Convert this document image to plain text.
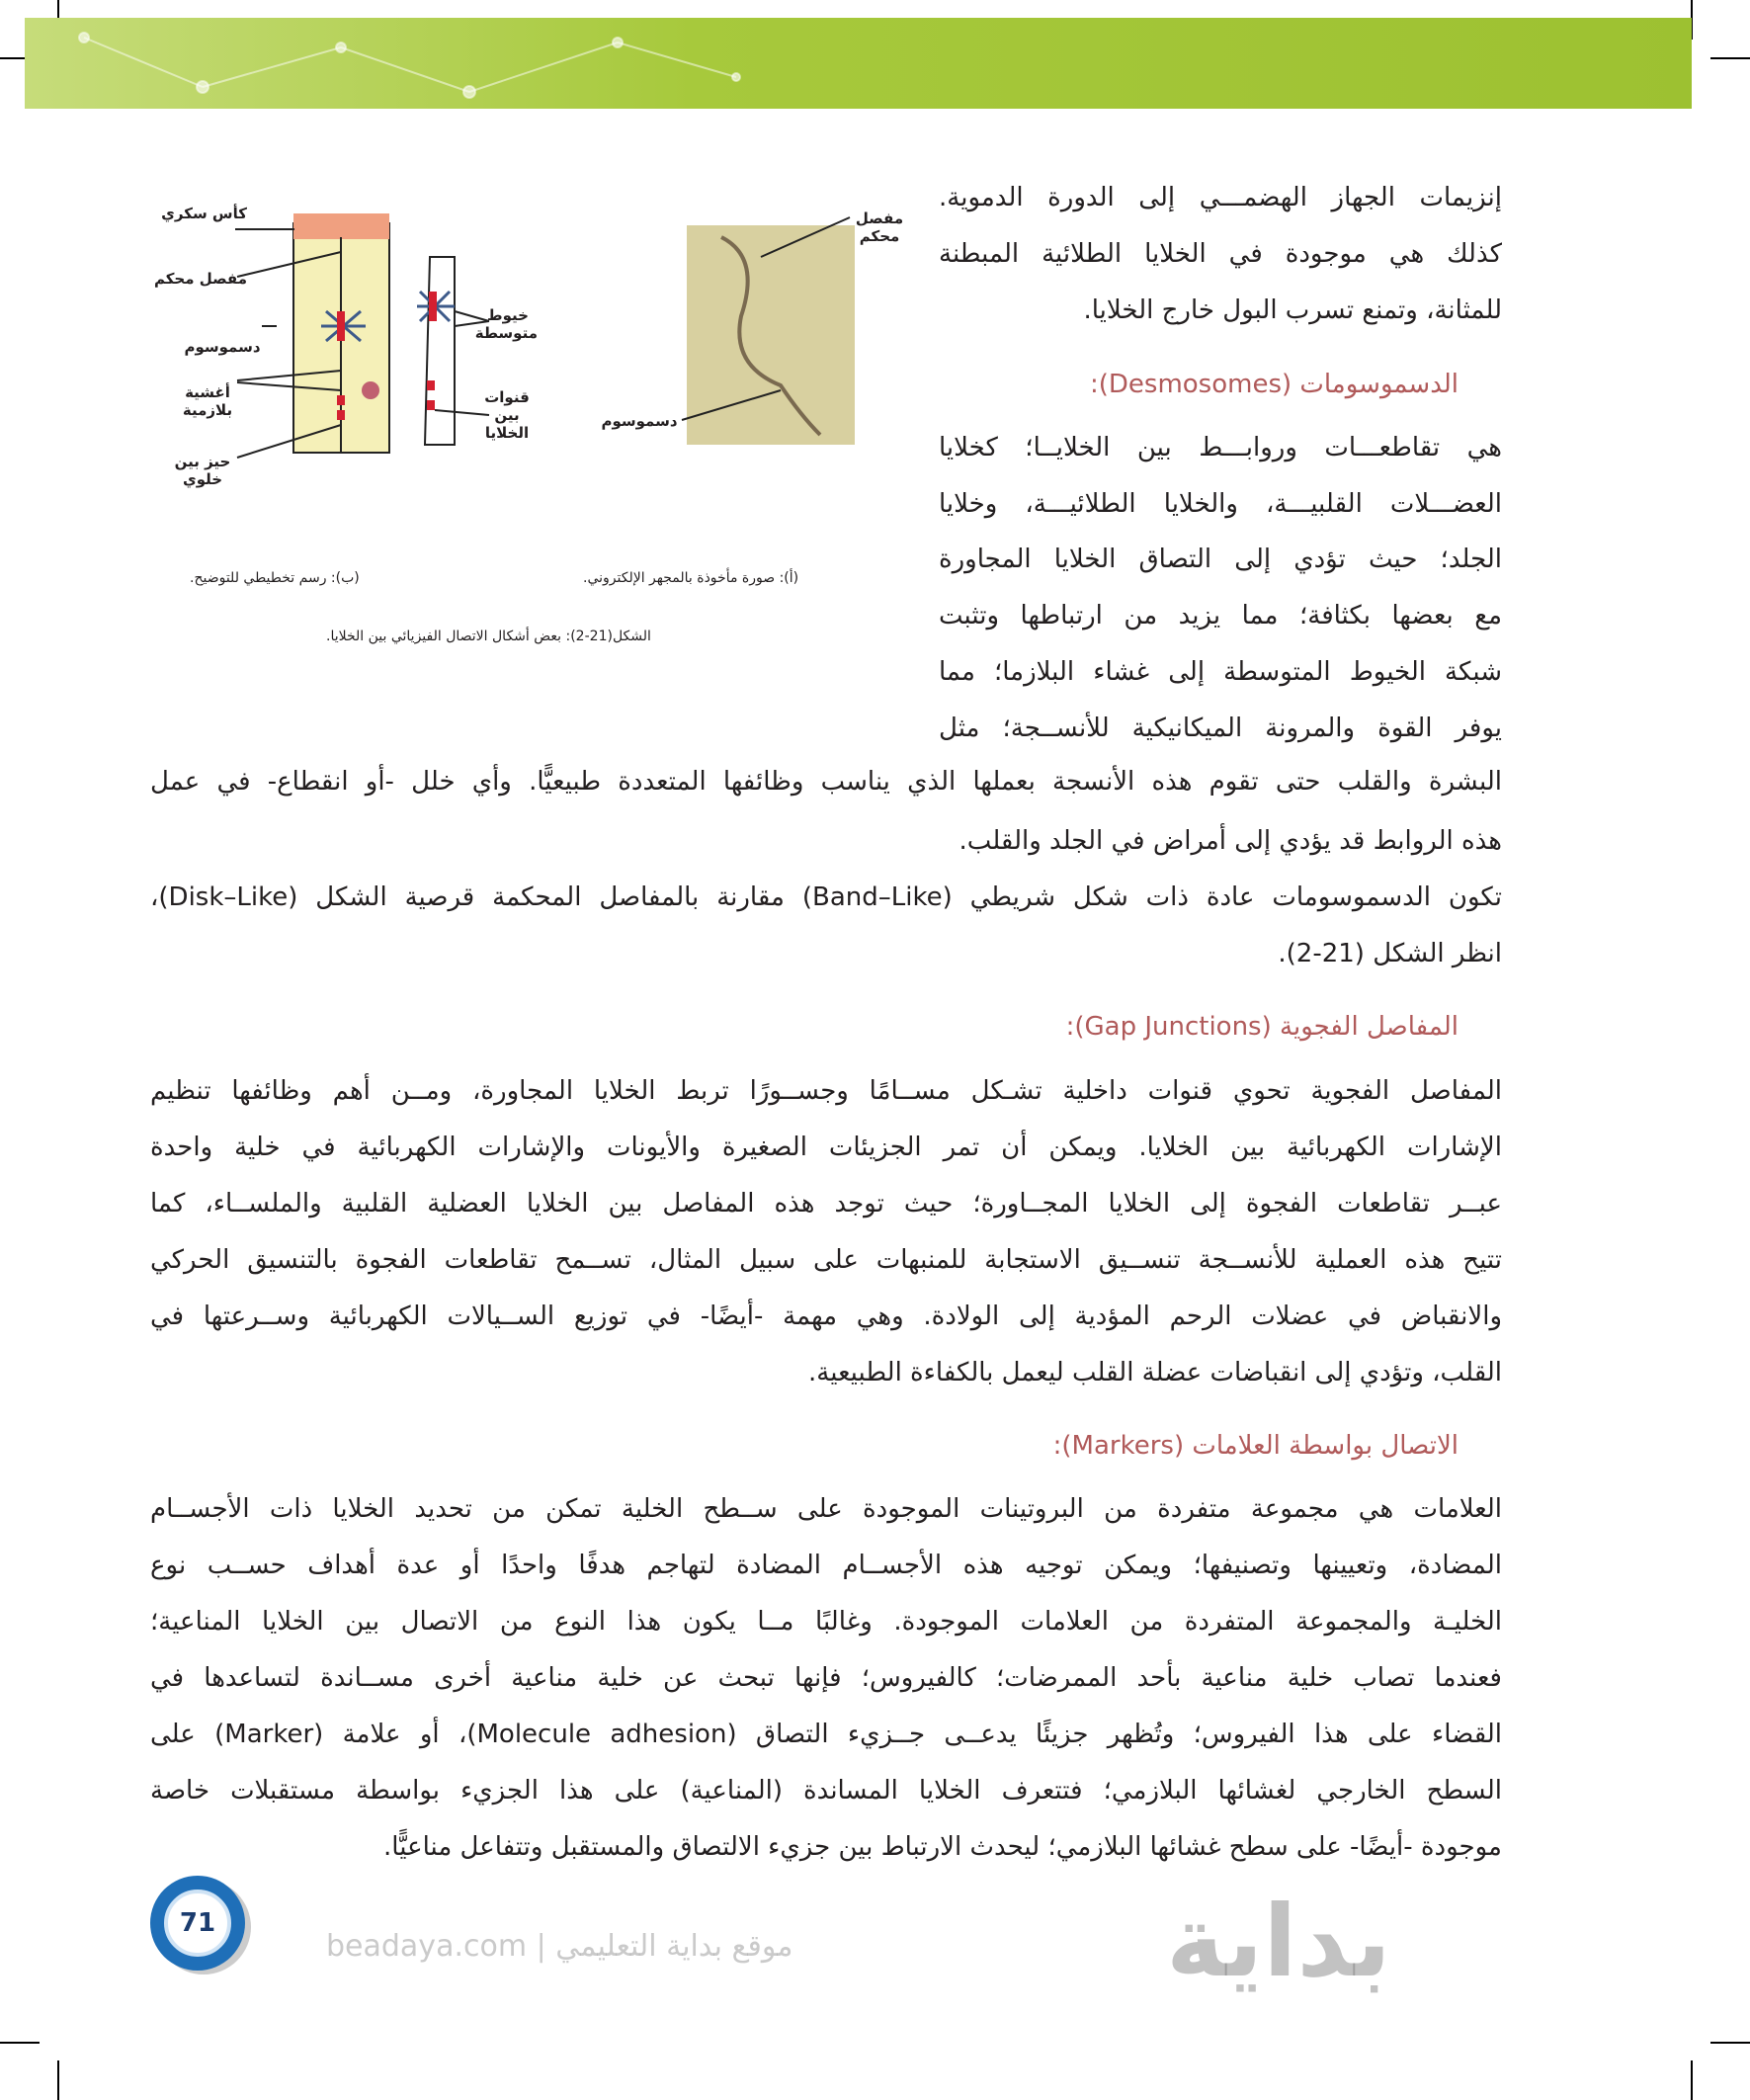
كأس سكري
مفصل محكم
دسموسوم
أغشية بلازمية
حيز بين خلوي
خيوط متوسطة
قنوات بين الخلايا
مفصل محكم
دسموسوم
(أ): صورة مأخوذة بالمجهر الإلكتروني.
(ب): رسم تخطيطي للتوضيح.
الشكل(21-2): بعض أشكال الاتصال الفيزيائي بين الخلايا.
بداية
beadaya.com | موقع بداية التعليمي
إنزيمات الجهاز الهضمـــي إلى الدورة الدموية.
كذلك هي موجودة في الخلايا الطلائية المبطنة
للمثانة، وتمنع تسرب البول خارج الخلايا.
الدسموسومات (Desmosomes):
هي تقاطعـــات وروابـــط بين الخلايــا؛ كخلايا
العضـــلات القلبيـــة، والخلايا الطلائيـــة، وخلايا
الجلد؛ حيث تؤدي إلى التصاق الخلايا المجاورة
مع بعضها بكثافة؛ مما يزيد من ارتباطها وتثبت
شبكة الخيوط المتوسطة إلى غشاء البلازما؛ مما
يوفر القوة والمرونة الميكانيكية للأنســجة؛ مثل
البشرة والقلب حتى تقوم هذه الأنسجة بعملها الذي يناسب وظائفها المتعددة طبيعيًّا. وأي خلل -أو انقطاع- في عمل
هذه الروابط قد يؤدي إلى أمراض في الجلد والقلب.
تكون الدسموسومات عادة ذات شكل شريطي (Band–Like) مقارنة بالمفاصل المحكمة قرصية الشكل (Disk–Like)،
انظر الشكل (21-2).
المفاصل الفجوية (Gap Junctions):
المفاصل الفجوية تحوي قنوات داخلية تشـكل مســامًا وجســورًا تربط الخلايا المجاورة، ومــن أهم وظائفها تنظيم
الإشارات الكهربائية بين الخلايا. ويمكن أن تمر الجزيئات الصغيرة والأيونات والإشارات الكهربائية في خلية واحدة
عبــر تقاطعات الفجوة إلى الخلايا المجــاورة؛ حيث توجد هذه المفاصل بين الخلايا العضلية القلبية والملســاء، كما
تتيح هذه العملية للأنســجة تنســيق الاستجابة للمنبهات على سبيل المثال، تســمح تقاطعات الفجوة بالتنسيق الحركي
والانقباض في عضلات الرحم المؤدية إلى الولادة. وهي مهمة -أيضًا- في توزيع الســيالات الكهربائية وســرعتها في
القلب، وتؤدي إلى انقباضات عضلة القلب ليعمل بالكفاءة الطبيعية.
الاتصال بواسطة العلامات (Markers):
العلامات هي مجموعة متفردة من البروتينات الموجودة على ســطح الخلية تمكن من تحديد الخلايا ذات الأجســام
المضادة، وتعيينها وتصنيفها؛ ويمكن توجيه هذه الأجســام المضادة لتهاجم هدفًا واحدًا أو عدة أهداف حســب نوع
الخليـة والمجموعة المتفردة من العلامات الموجودة. وغالبًا مــا يكون هذا النوع من الاتصال بين الخلايا المناعية؛
فعندما تصاب خلية مناعية بأحد الممرضات؛ كالفيروس؛ فإنها تبحث عن خلية مناعية أخرى مســاندة لتساعدها في
القضاء على هذا الفيروس؛ وتُظهر جزيئًا يدعــى جــزيء التصاق (Molecule adhesion)، أو علامة (Marker) على
السطح الخارجي لغشائها البلازمي؛ فتتعرف الخلايا المساندة (المناعية) على هذا الجزيء بواسطة مستقبلات خاصة
موجودة -أيضًا- على سطح غشائها البلازمي؛ ليحدث الارتباط بين جزيء الالتصاق والمستقبل وتتفاعل مناعيًّا.
71
